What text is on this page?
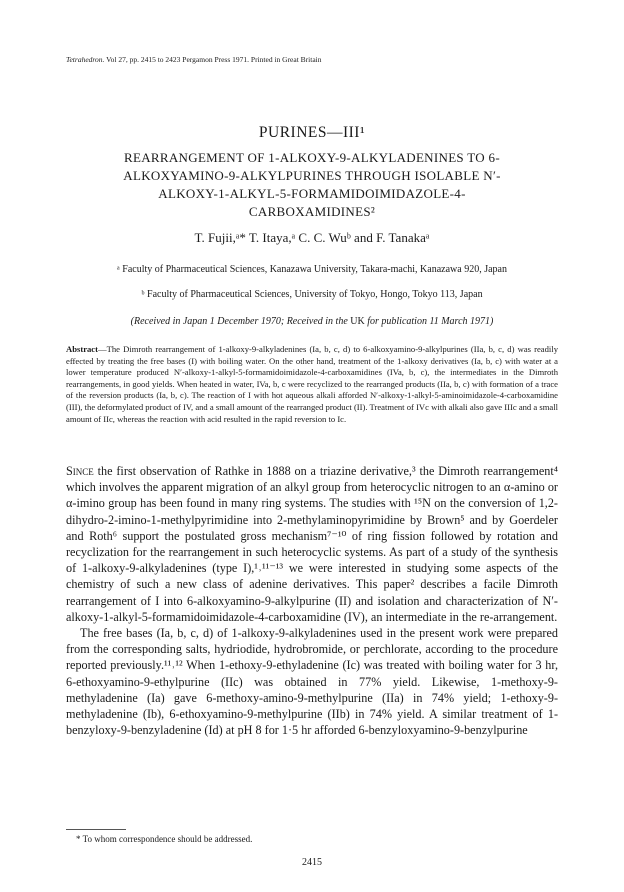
Tetrahedron. Vol 27, pp. 2415 to 2423 Pergamon Press 1971. Printed in Great Britain
PURINES—III¹
REARRANGEMENT OF 1-ALKOXY-9-ALKYLADENINES TO 6-ALKOXYAMINO-9-ALKYLPURINES THROUGH ISOLABLE N′-ALKOXY-1-ALKYL-5-FORMAMIDOIMIDAZOLE-4-CARBOXAMIDINES²
T. Fujii,ᵃ* T. Itaya,ᵃ C. C. Wuᵇ and F. Tanakaᵃ
ᵃ Faculty of Pharmaceutical Sciences, Kanazawa University, Takara-machi, Kanazawa 920, Japan
ᵇ Faculty of Pharmaceutical Sciences, University of Tokyo, Hongo, Tokyo 113, Japan
(Received in Japan 1 December 1970; Received in the UK for publication 11 March 1971)
Abstract—The Dimroth rearrangement of 1-alkoxy-9-alkyladenines (Ia, b, c, d) to 6-alkoxyamino-9-alkylpurines (IIa, b, c, d) was readily effected by treating the free bases (I) with boiling water. On the other hand, treatment of the 1-alkoxy derivatives (Ia, b, c) with water at a lower temperature produced N′-alkoxy-1-alkyl-5-formamidoimidazole-4-carboxamidines (IVa, b, c), the intermediates in the Dimroth rearrangements, in good yields. When heated in water, IVa, b, c were recyclized to the rearranged products (IIa, b, c) with formation of a trace of the reversion products (Ia, b, c). The reaction of I with hot aqueous alkali afforded N′-alkoxy-1-alkyl-5-aminoimidazole-4-carboxamidine (III), the deformylated product of IV, and a small amount of the rearranged product (II). Treatment of IVc with alkali also gave IIIc and a small amount of IIc, whereas the reaction with acid resulted in the rapid reversion to Ic.

Since the first observation of Rathke in 1888 on a triazine derivative,³ the Dimroth rearrangement⁴ which involves the apparent migration of an alkyl group from heterocyclic nitrogen to an α-amino or α-imino group has been found in many ring systems. The studies with ¹⁵N on the conversion of 1,2-dihydro-2-imino-1-methylpyrimidine into 2-methylaminopyrimidine by Brown⁵ and by Goerdeler and Roth⁶ support the postulated gross mechanism⁷⁻¹⁰ of ring fission followed by rotation and recyclization for the rearrangement in such heterocyclic systems. As part of a study of the synthesis of 1-alkoxy-9-alkyladenines (type I),¹˒¹¹⁻¹³ we were interested in studying some aspects of the chemistry of such a new class of adenine derivatives. This paper² describes a facile Dimroth rearrangement of I into 6-alkoxyamino-9-alkylpurine (II) and isolation and characterization of N′-alkoxy-1-alkyl-5-formamidoimidazole-4-carboxamidine (IV), an intermediate in the re-arrangement.

The free bases (Ia, b, c, d) of 1-alkoxy-9-alkyladenines used in the present work were prepared from the corresponding salts, hydriodide, hydrobromide, or perchlorate, according to the procedure reported previously.¹¹˒¹² When 1-ethoxy-9-ethyladenine (Ic) was treated with boiling water for 3 hr, 6-ethoxyamino-9-ethylpurine (IIc) was obtained in 77% yield. Likewise, 1-methoxy-9-methyladenine (Ia) gave 6-methoxy-amino-9-methylpurine (IIa) in 74% yield; 1-ethoxy-9-methyladenine (Ib), 6-ethoxyamino-9-methylpurine (IIb) in 74% yield. A similar treatment of 1-benzyloxy-9-benzyladenine (Id) at pH 8 for 1·5 hr afforded 6-benzyloxyamino-9-benzylpurine

* To whom correspondence should be addressed.
2415
